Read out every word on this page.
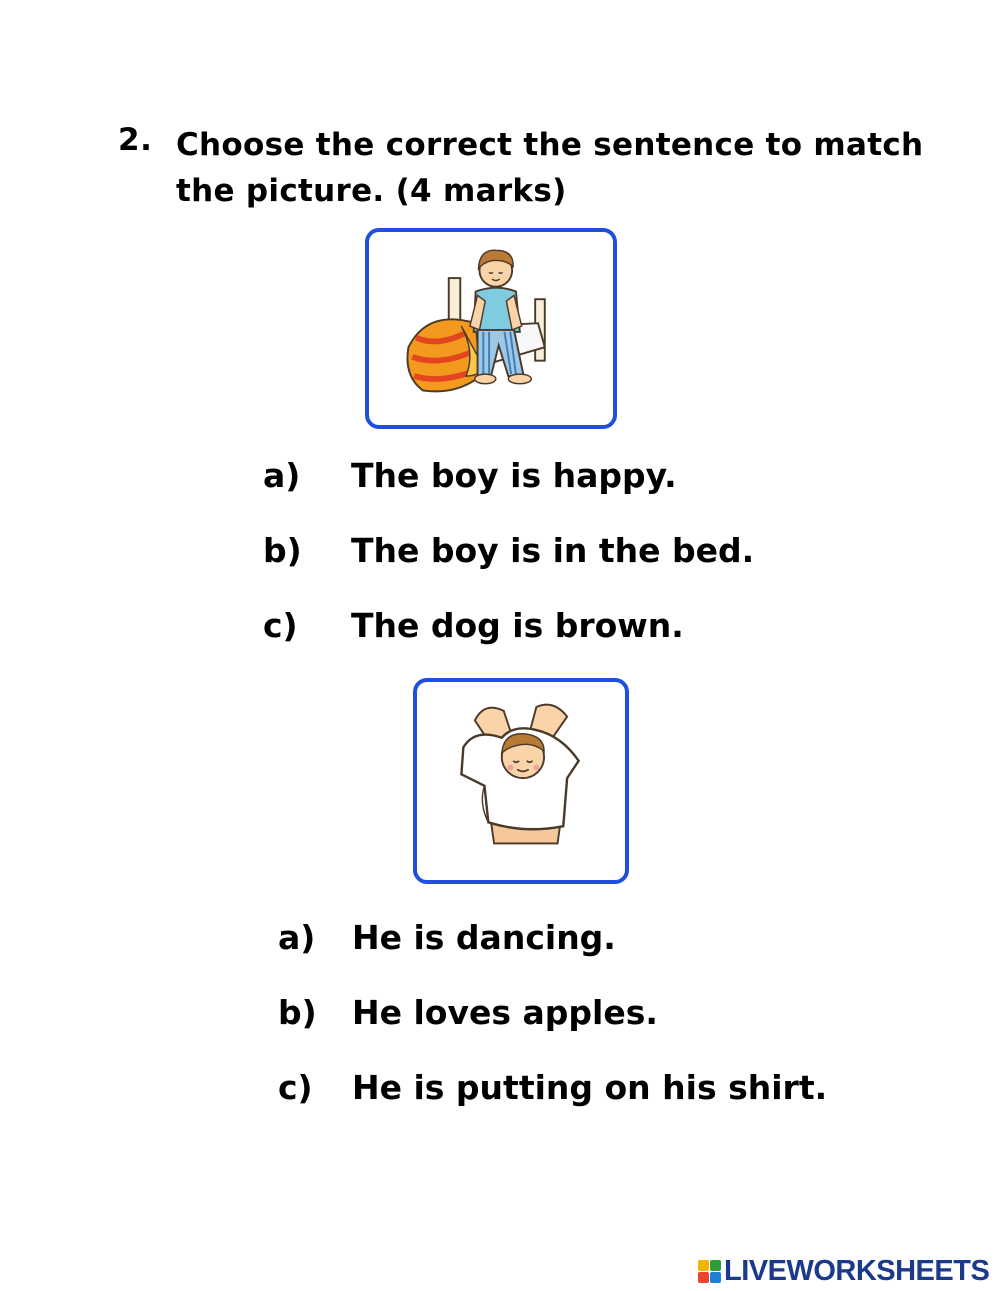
2. Choose the correct the sentence to match the picture. (4 marks)
a) The boy is happy.
b) The boy is in the bed.
c) The dog is brown.
a) He is dancing.
b) He loves apples.
c) He is putting on his shirt.
LIVEWORKSHEETS
